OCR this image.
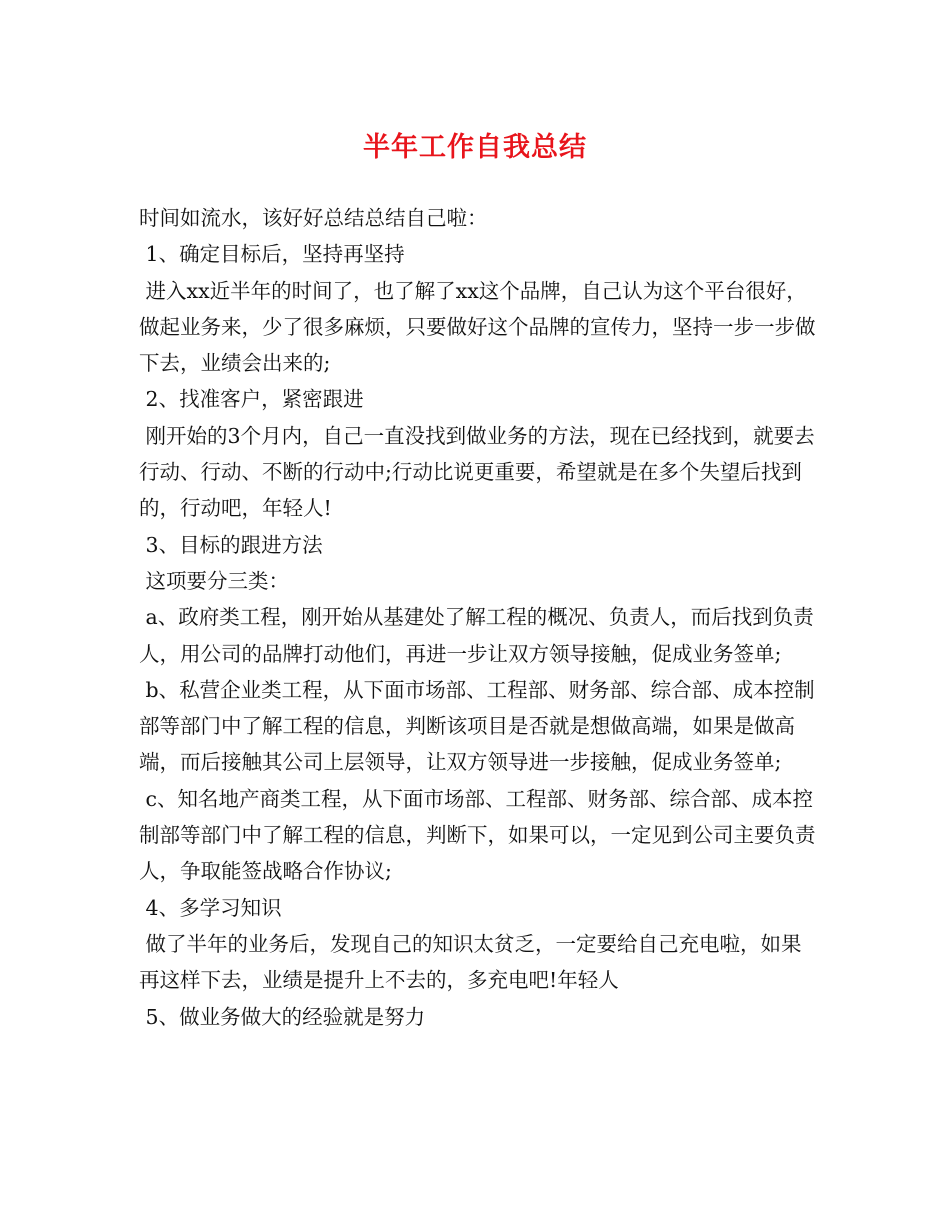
半年工作自我总结

时间如流水，该好好总结总结自己啦：

1、确定目标后，坚持再坚持

进入xx近半年的时间了，也了解了xx这个品牌，自己认为这个平台很好，做起业务来，少了很多麻烦，只要做好这个品牌的宣传力，坚持一步一步做下去，业绩会出来的;

2、找准客户，紧密跟进

刚开始的3个月内，自己一直没找到做业务的方法，现在已经找到，就要去行动、行动、不断的行动中;行动比说更重要，希望就是在多个失望后找到的，行动吧，年轻人!

3、目标的跟进方法

这项要分三类：

a、政府类工程，刚开始从基建处了解工程的概况、负责人，而后找到负责人，用公司的品牌打动他们，再进一步让双方领导接触，促成业务签单;

b、私营企业类工程，从下面市场部、工程部、财务部、综合部、成本控制部等部门中了解工程的信息，判断该项目是否就是想做高端，如果是做高端，而后接触其公司上层领导，让双方领导进一步接触，促成业务签单;

c、知名地产商类工程，从下面市场部、工程部、财务部、综合部、成本控制部等部门中了解工程的信息，判断下，如果可以，一定见到公司主要负责人，争取能签战略合作协议;

4、多学习知识

做了半年的业务后，发现自己的知识太贫乏，一定要给自己充电啦，如果再这样下去，业绩是提升上不去的，多充电吧!年轻人

5、做业务做大的经验就是努力
